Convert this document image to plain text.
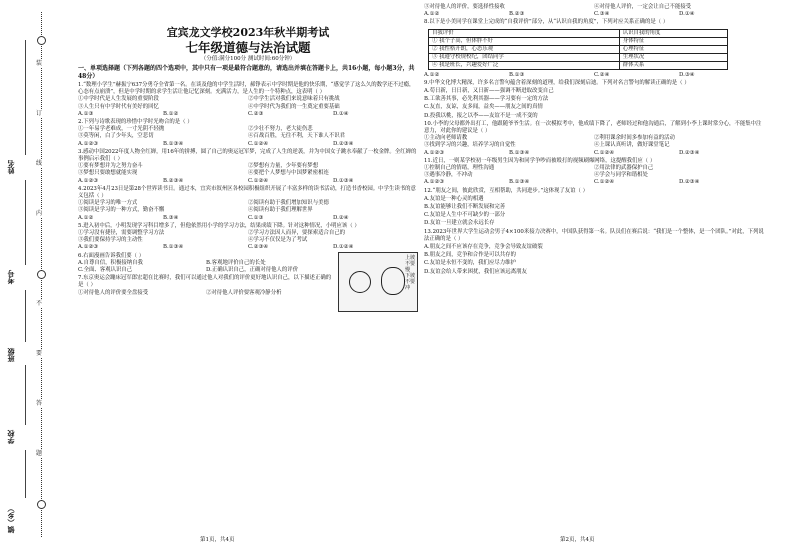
装
订
线
内
不
要
答
题
姓名
考号
班级
学校
镇（乡）
宜宾龙文学校2023年秋半期考试
七年级道德与法治试题
（分值:满分100分 测试时间:60分钟）
一、单项选择题（下列各题的四个选项中，其中只有一项是最符合题意的，请选出并填在答题卡上，共16小题，每小题3分，共48分）
1.“数理小学生”赫振宁637分勇夺全省第一名。在谈及他的中学生活时，郝铮表示中学时期是他的快乐期，“感觉学了这么久的数学还不过瘾，心态有点崩溃”，但是中学时期的求学生活让他记忆深刻。充满活力，是人生的一个特种点，这表明（ ）
①中学时代是人生发展的重要阶段	②中学生活对我们来说意味着只有挑战
③人生只有中学时代有美好的回忆	④中学时代为我们的一生奠定重要基础
A.①③	B.①②	C.②③	D.①④
2.下列与诗歌表现的珍惜中学时光吻合的是（ ）
①一年易学老难成，一寸光阴不轻抛	②少壮不努力，老大徒伤悲
③莫等闲，白了少年头，空悲切	④百战百胜，无往不利，天下谁人不识君
A.①②③	B.①③④	C.①②④	D.②③④
3.感动中国2022年度人物全红婵，用16年的拼搏，圆了自己的奥运冠军梦，完成了人生的逆袭，并为中国女子跳水奉献了一枚金牌。全红婵的事例启示我们（ ）
①要有梦想并为之努力奋斗	②梦想有力量，少年要有梦想
③梦想只要敢想就能实现	④要把个人梦想与中国梦紧密相连
A.①②③	B.②③④	C.①②④	D.①③④
4.2023年4月23日是第28个世界读书日。通过本，宜宾市叙州区各校园积极组织开展了丰富多样的读书活动，打造书香校园。中学生读书的意义包括（ ）
①阅读是学习的唯一方式	②阅读有助于我们增加知识与美德
③阅读是学习的一种方式，勤奋不懈	④阅读有助于我们理解世界
A.①②	B.③④	C.①③	D.②④
5.进入初中后，小明发现学习科目增多了，但他依然用小学的学习方法，结果成绩下降。针对这种情况，小明应该（ ）
①学习没有捷径，需要调整学习方法	②学习方法因人而异，要探索适合自己的
③我们要保持学习的主动性	④学习不仅仅是为了考试
A.①②③	B.①③④	C.②③④	D.①②④
上坡不要慢 下坡不要冲
6.右面漫画告诉我们要（ ）
A.自尊自信，积极接纳自我	B.客观地评价自己的长处
C.全面、客观认识自己	D.正确认识自己，正确对待他人的评价
7.东京奥运会蹦床冠军郎宏超在比赛时，我们可以通过他人对我们的评价更好地认识自己，以下描述正确的是（ ）
①对待他人的评价要全盘接受	②对待他人评价要客观冷静分析
③对待他人的评价，要选择性接收	④对待他人评价，一定会让自己不能接受
A.①②	B.②③	C.③④	D.①④
8.以下是小美同学在课堂上完成的“自我评价”部分，从“认识自我的角度”，下列对应关系正确的是（ ）
自我评价	认识自我的角度
① 我个子高，但体胖不好	身体特征
② 我性格开朗，心态乐观	心理特征
③ 我遵守校规校纪，团结同学	生理状况
④ 我是班长，兴趣爱好广泛	群体关系
A.①②	B.①③	C.②④	D.③④
9.中华文化博大精深，许多名言警句蕴含着深刻的道理，给我们深刻启迪。下列对名言警句的解读正确的是（ ）
A.苟日新，日日新，又日新——强调不断进取改变自己
B.工欲善其事，必先利其器——学习要有一定的方法
C.友直，友谅，友多闻，益矣——朋友之间的真情
D.投我以桃，报之以李——友谊不是一成不变的
10.小李的父母都外出打工，他跟随爷爷生活。在一次模拟考中，他成绩下降了，老师经过和他沟通后，了解到小李上课时常分心，不能集中注意力，对此你的建议是（ ）
①主动向老师请教	②利用课余时间多参加有益的活动
③找到学习的兴趣，培养学习的自觉性	④上课认真听讲，做好课堂笔记
A.①②③	B.①③④	C.①②④	D.②③④
11.近日，一则某学校初一年级男生因为和同学争吵而被殴打的视频刷爆网络，这提醒我们应（ ）
①控制自己的情绪，理性沟通	②用法律的武器保护自己
③遇事冷静，不冲动	④学会与同学和谐相处
A.①②③	B.①③④	C.①②④	D.②③④
12.“朋友之间，彼此欣赏，互相帮助，共同进步。”这体现了友谊（ ）
A.友谊是一种心灵的相遇
B.友谊能够让我们不断发展和完善
C.友谊是人生中不可缺少的一部分
D.友谊一旦建立就会永远长存
13.2023年世界大学生运动会男子4×100米接力决赛中，中国队获得第一名。队员们在赛后说：“我们是一个整体，是一个团队。”对此，下列说法正确的是（ ）
A.朋友之间不应该存在竞争，竞争会导致友谊破裂
B.朋友之间，竞争和合作是可以共存的
C.友谊是永恒不变的，我们应尽力维护
D.友谊会给人带来困扰，我们应该远离朋友
第1页，共4页	第2页，共4页
